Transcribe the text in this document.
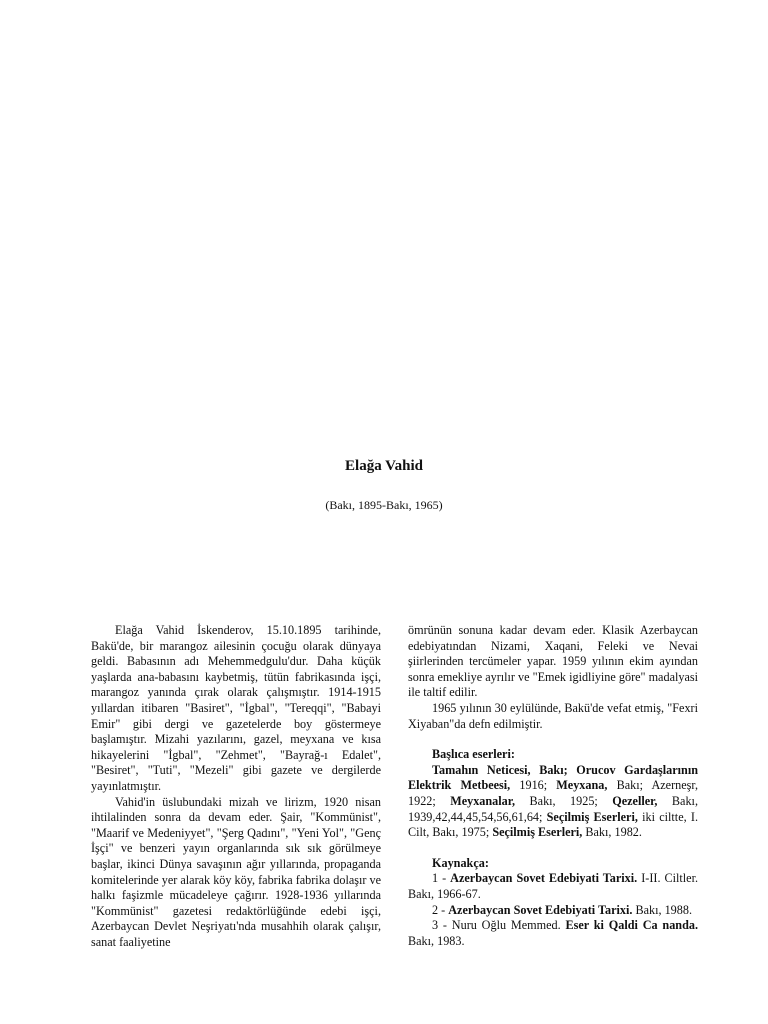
Elağa Vahid
(Bakı, 1895-Bakı, 1965)

Elağa Vahid İskenderov, 15.10.1895 tarihinde, Bakü'de, bir marangoz ailesinin çocuğu olarak dünyaya geldi. Babasının adı Mehemmedgulu'dur. Daha küçük yaşlarda ana-babasını kaybetmiş, tütün fabrikasında işçi, marangoz yanında çırak olarak çalışmıştır. 1914-1915 yıllardan itibaren "Basiret", "İgbal", "Tereqqi", "Babayi Emir" gibi dergi ve gazetelerde boy göstermeye başlamıştır. Mizahi yazılarını, gazel, meyxana ve kısa hikayelerini "İgbal", "Zehmet", "Bayrağ-ı Edalet", "Besiret", "Tuti", "Mezeli" gibi gazete ve dergilerde yayınlatmıştır.

Vahid'in üslubundaki mizah ve lirizm, 1920 nisan ihtilalinden sonra da devam eder. Şair, "Kommünist", "Maarif ve Medeniyyet", "Şerg Qadını", "Yeni Yol", "Genç İşçi" ve benzeri yayın organlarında sık sık görülmeye başlar, ikinci Dünya savaşının ağır yıllarında, propaganda komitelerinde yer alarak köy köy, fabrika fabrika dolaşır ve halkı faşizmle mücadeleye çağırır. 1928-1936 yıllarında "Kommünist" gazetesi redaktörlüğünde edebi işçi, Azerbaycan Devlet Neşriyatı'nda musahhih olarak çalışır, sanat faaliyetine

ömrünün sonuna kadar devam eder. Klasik Azerbaycan edebiyatından Nizami, Xaqani, Feleki ve Nevai şiirlerinden tercümeler yapar. 1959 yılının ekim ayından sonra emekliye ayrılır ve "Emek igidliyine göre" madalyasi ile taltif edilir.

1965 yılının 30 eylülünde, Bakü'de vefat etmiş, "Fexri Xiyaban"da defn edilmiştir.

Başlıca eserleri:

Tamahın Neticesi, Bakı; Orucov Gardaşlarının Elektrik Metbeesi, 1916; Meyxana, Bakı; Azerneşr, 1922; Meyxanalar, Bakı, 1925; Qezeller, Bakı, 1939,42,44,45,54,56,61,64; Seçilmiş Eserleri, iki ciltte, I. Cilt, Bakı, 1975; Seçilmiş Eserleri, Bakı, 1982.

Kaynakça:

1 - Azerbaycan Sovet Edebiyati Tarixi. I-II. Ciltler. Bakı, 1966-67.

2 - Azerbaycan Sovet Edebiyati Tarixi. Bakı, 1988.

3 - Nuru Oğlu Memmed. Eser ki Qaldi Ca nanda. Bakı, 1983.
